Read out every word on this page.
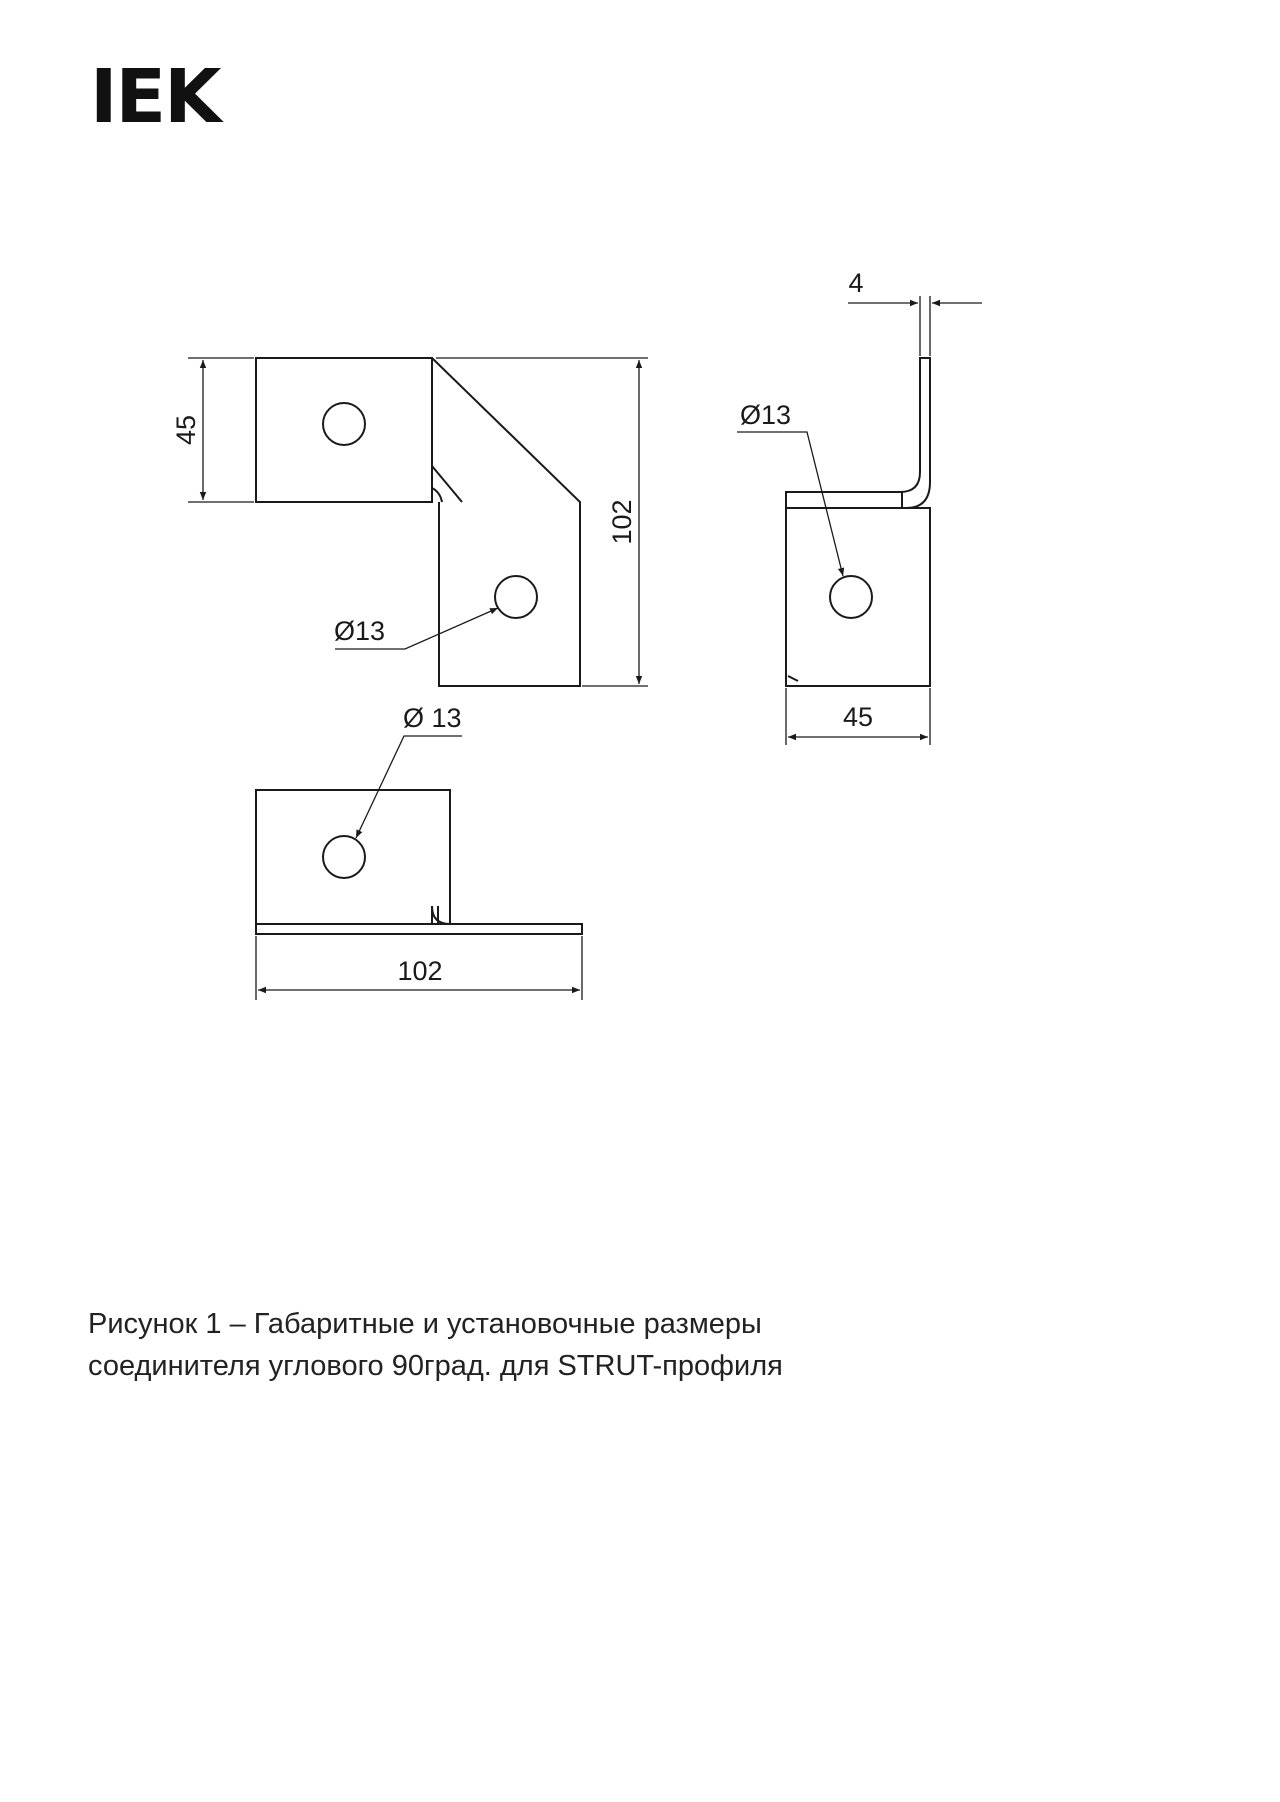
IEK
45
102
Ø13
4
Ø13
45
Ø 13
102
Рисунок 1 – Габаритные и установочные размеры
соединителя углового 90град. для STRUT-профиля
